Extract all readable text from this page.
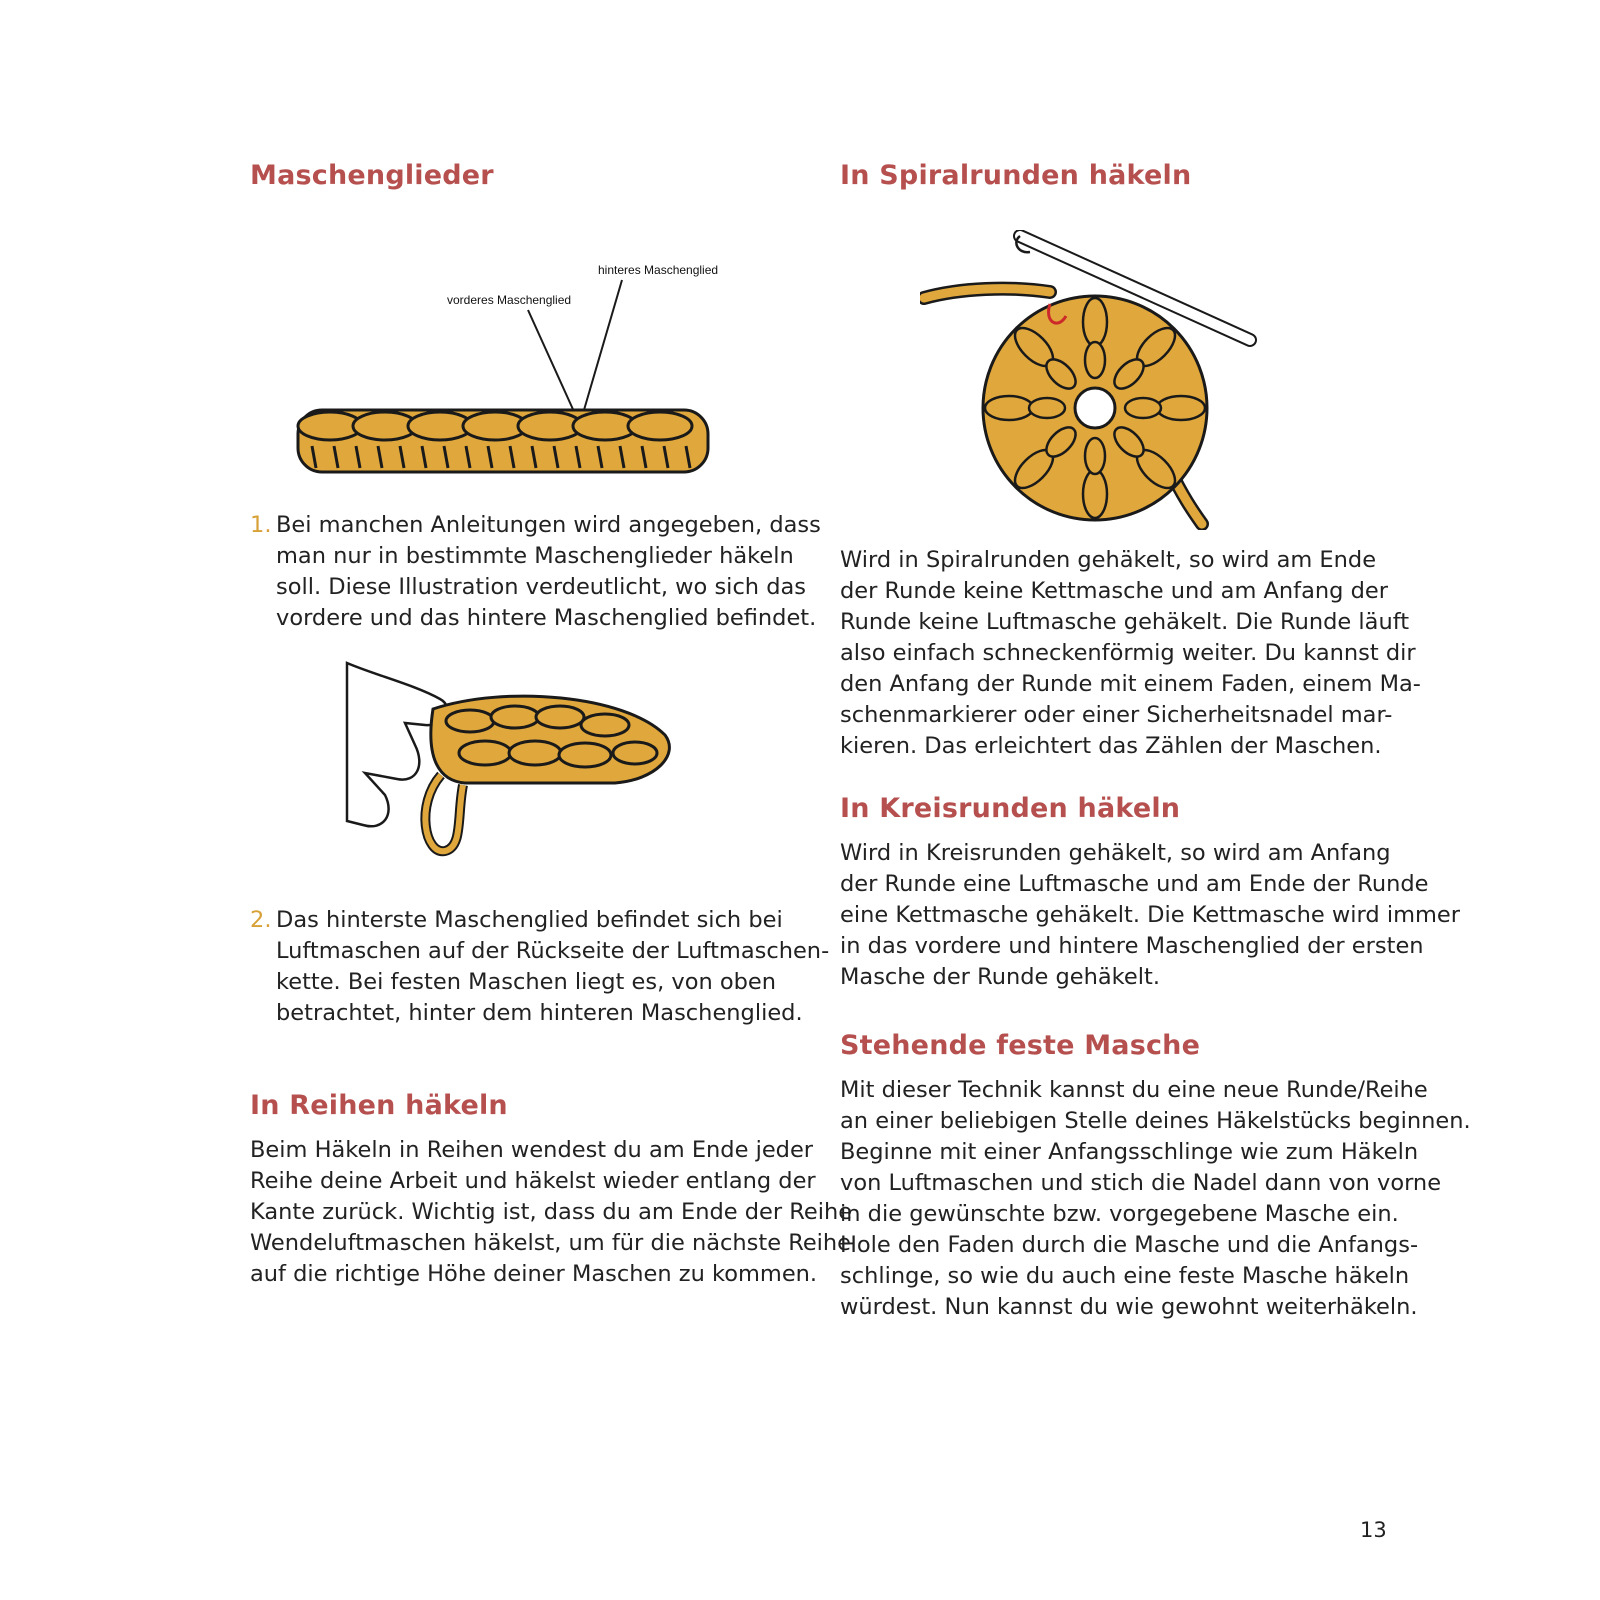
Maschenglieder
hinteres Maschenglied
vorderes Maschenglied
1. Bei manchen Anleitungen wird angegeben, dass
man nur in bestimmte Maschenglieder häkeln
soll. Diese Illustration verdeutlicht, wo sich das
vordere und das hintere Maschenglied befindet.
2. Das hinterste Maschenglied befindet sich bei
Luftmaschen auf der Rückseite der Luftmaschen-
kette. Bei festen Maschen liegt es, von oben
betrachtet, hinter dem hinteren Maschenglied.
In Reihen häkeln
Beim Häkeln in Reihen wendest du am Ende jeder
Reihe deine Arbeit und häkelst wieder entlang der
Kante zurück. Wichtig ist, dass du am Ende der Reihe
Wendeluftmaschen häkelst, um für die nächste Reihe
auf die richtige Höhe deiner Maschen zu kommen.
In Spiralrunden häkeln
Wird in Spiralrunden gehäkelt, so wird am Ende
der Runde keine Kettmasche und am Anfang der
Runde keine Luftmasche gehäkelt. Die Runde läuft
also einfach schneckenförmig weiter. Du kannst dir
den Anfang der Runde mit einem Faden, einem Ma-
schenmarkierer oder einer Sicherheitsnadel mar-
kieren. Das erleichtert das Zählen der Maschen.
In Kreisrunden häkeln
Wird in Kreisrunden gehäkelt, so wird am Anfang
der Runde eine Luftmasche und am Ende der Runde
eine Kettmasche gehäkelt. Die Kettmasche wird immer
in das vordere und hintere Maschenglied der ersten
Masche der Runde gehäkelt.
Stehende feste Masche
Mit dieser Technik kannst du eine neue Runde/Reihe
an einer beliebigen Stelle deines Häkelstücks beginnen.
Beginne mit einer Anfangsschlinge wie zum Häkeln
von Luftmaschen und stich die Nadel dann von vorne
in die gewünschte bzw. vorgegebene Masche ein.
Hole den Faden durch die Masche und die Anfangs-
schlinge, so wie du auch eine feste Masche häkeln
würdest. Nun kannst du wie gewohnt weiterhäkeln.
13
